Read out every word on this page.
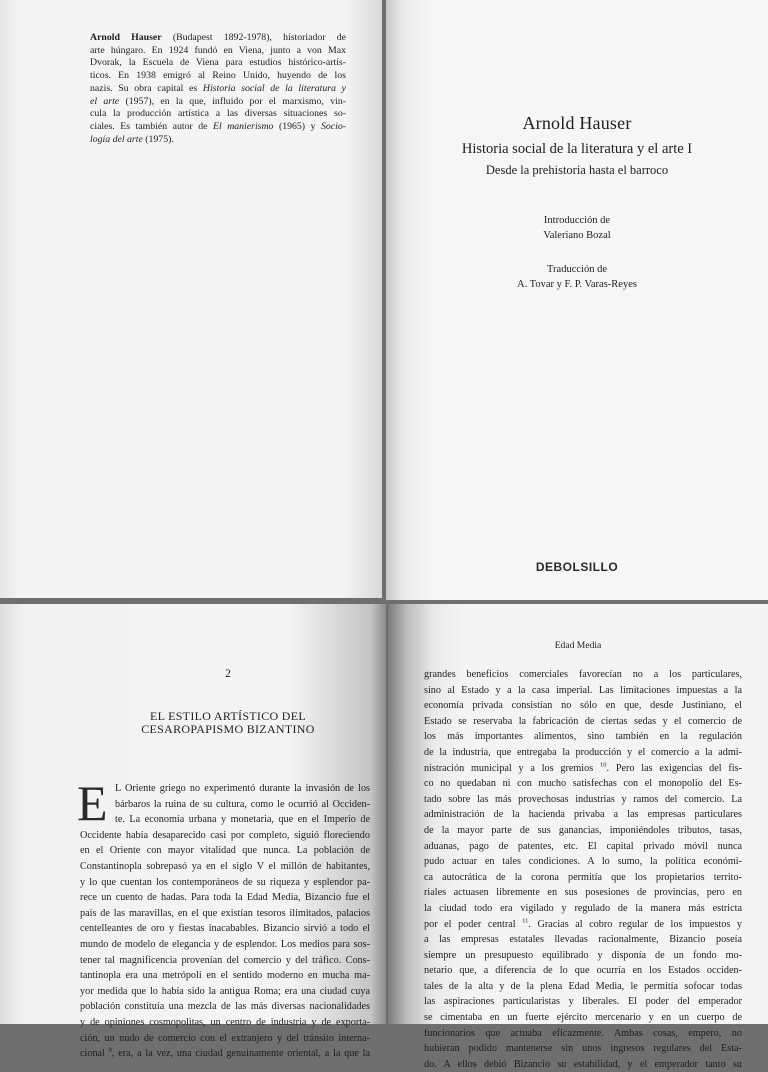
Arnold Hauser (Budapest 1892-1978), historiador de
arte húngaro. En 1924 fundó en Viena, junto a von Max
Dvorak, la Escuela de Viena para estudios histórico-artís-
ticos. En 1938 emigró al Reino Unido, huyendo de los
nazis. Su obra capital es Historia social de la literatura y
el arte (1957), en la que, influido por el marxismo, vin-
cula la producción artística a las diversas situaciones so-
ciales. Es también autor de El manierismo (1965) y Socio-
logía del arte (1975).
Arnold Hauser
Historia social de la literatura y el arte I
Desde la prehistoria hasta el barroco
Introducción de
Valeriano Bozal
Traducción de
A. Tovar y F. P. Varas-Reyes
DEBOLSILLO
2
EL ESTILO ARTÍSTICO DEL
CESAROPAPISMO BIZANTINO
E L Oriente griego no experimentó durante la invasión de los
bárbaros la ruina de su cultura, como le ocurrió al Occiden-
te. La economía urbana y monetaria, que en el Imperio de
Occidente había desaparecido casi por completo, siguió floreciendo
en el Oriente con mayor vitalidad que nunca. La población de
Constantinopla sobrepasó ya en el siglo V el millón de habitantes,
y lo que cuentan los contemporáneos de su riqueza y esplendor pa-
rece un cuento de hadas. Para toda la Edad Media, Bizancio fue el
país de las maravillas, en el que existían tesoros ilimitados, palacios
centelleantes de oro y fiestas inacabables. Bizancio sirvió a todo el
mundo de modelo de elegancia y de esplendor. Los medios para sos-
tener tal magnificencia provenían del comercio y del tráfico. Cons-
tantinopla era una metrópoli en el sentido moderno en mucha ma-
yor medida que lo había sido la antigua Roma; era una ciudad cuya
población constituía una mezcla de las más diversas nacionalidades
y de opiniones cosmopolitas, un centro de industria y de exporta-
ción, un nudo de comercio con el extranjero y del tránsito interna-
cional $^8$, era, a la vez, una ciudad genuinamente oriental, a la que la
Edad Media
grandes beneficios comerciales favorecían no a los particulares,
sino al Estado y a la casa imperial. Las limitaciones impuestas a la
economía privada consistían no sólo en que, desde Justiniano, el
Estado se reservaba la fabricación de ciertas sedas y el comercio de
los más importantes alimentos, sino también en la regulación
de la industria, que entregaba la producción y el comercio a la admi-
nistración municipal y a los gremios $^{10}$. Pero las exigencias del fis-
co no quedaban ni con mucho satisfechas con el monopolio del Es-
tado sobre las más provechosas industrias y ramos del comercio. La
administración de la hacienda privaba a las empresas particulares
de la mayor parte de sus ganancias, imponiéndoles tributos, tasas,
aduanas, pago de patentes, etc. El capital privado móvil nunca
pudo actuar en tales condiciones. A lo sumo, la política económi-
ca autocrática de la corona permitía que los propietarios territo-
riales actuasen libremente en sus posesiones de provincias, pero en
la ciudad todo era vigilado y regulado de la manera más estricta
por el poder central $^{11}$. Gracias al cobro regular de los impuestos y
a las empresas estatales llevadas racionalmente, Bizancio poseía
siempre un presupuesto equilibrado y disponía de un fondo mo-
netario que, a diferencia de lo que ocurría en los Estados occiden-
tales de la alta y de la plena Edad Media, le permitía sofocar todas
las aspiraciones particularistas y liberales. El poder del emperador
se cimentaba en un fuerte ejército mercenario y en un cuerpo de
funcionarios que actuaba eficazmente. Ambas cosas, empero, no
hubieran podido mantenerse sin unos ingresos regulares del Esta-
do. A ellos debió Bizancio su estabilidad, y el emperador tanto su
